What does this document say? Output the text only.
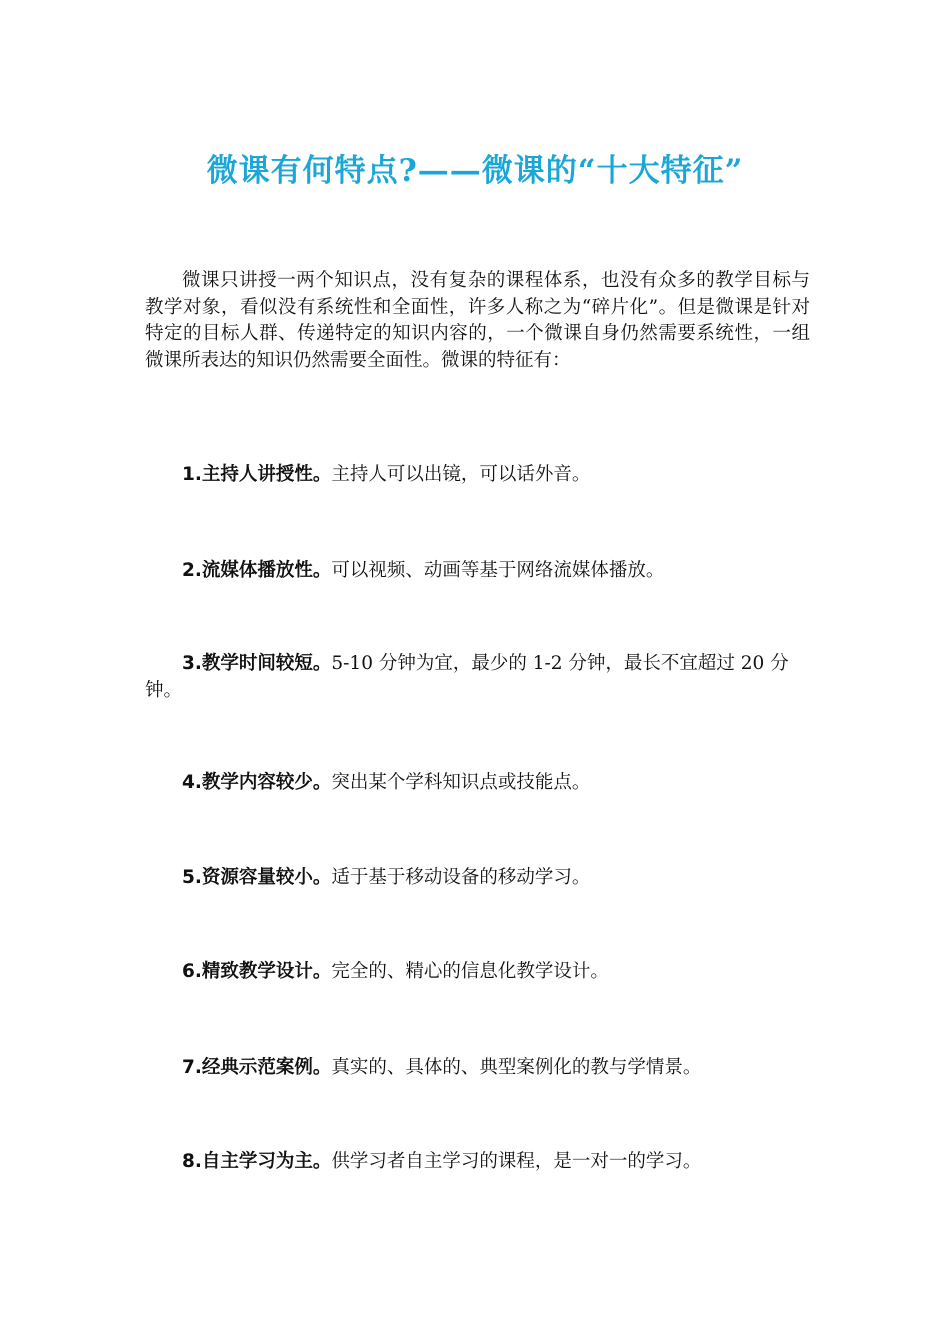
微课有何特点?——微课的“十大特征”

微课只讲授一两个知识点，没有复杂的课程体系，也没有众多的教学目标与教学对象，看似没有系统性和全面性，许多人称之为“碎片化”。但是微课是针对特定的目标人群、传递特定的知识内容的，一个微课自身仍然需要系统性，一组微课所表达的知识仍然需要全面性。微课的特征有：

1.主持人讲授性。主持人可以出镜，可以话外音。

2.流媒体播放性。可以视频、动画等基于网络流媒体播放。

3.教学时间较短。5-10 分钟为宜，最少的 1-2 分钟，最长不宜超过 20 分钟。

4.教学内容较少。突出某个学科知识点或技能点。

5.资源容量较小。适于基于移动设备的移动学习。

6.精致教学设计。完全的、精心的信息化教学设计。

7.经典示范案例。真实的、具体的、典型案例化的教与学情景。

8.自主学习为主。供学习者自主学习的课程，是一对一的学习。
